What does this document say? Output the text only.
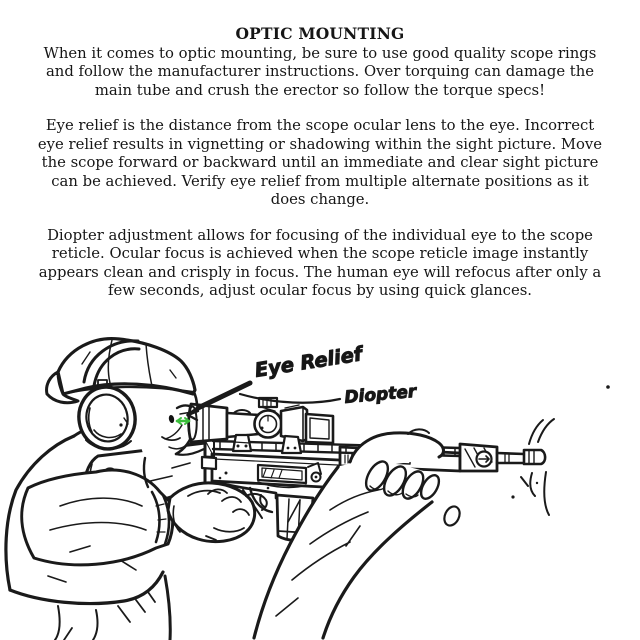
OPTIC MOUNTING

When it comes to optic mounting, be sure to use good quality scope rings and follow the manufacturer instructions. Over torquing can damage the main tube and crush the erector so follow the torque specs!

Eye relief is the distance from the scope ocular lens to the eye. Incorrect eye relief results in vignetting or shadowing within the sight picture. Move the scope forward or backward until an immediate and clear sight picture can be achieved. Verify eye relief from multiple alternate positions as it does change.

Diopter adjustment allows for focusing of the individual eye to the scope reticle. Ocular focus is achieved when the scope reticle image instantly appears clean and crisply in focus. The human eye will refocus after only a few seconds, adjust ocular focus by using quick glances.

Eye Relief
Diopter
